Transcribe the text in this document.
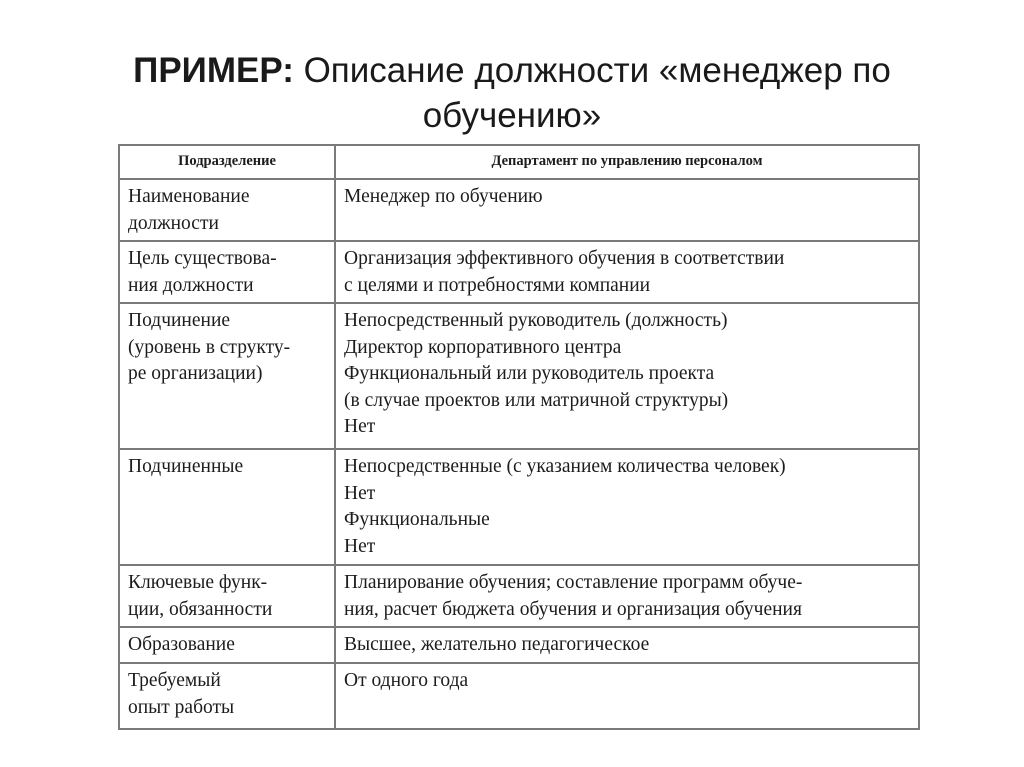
ПРИМЕР: Описание должности «менеджер по
обучению»
Подразделение	Департамент по управлению персоналом

Наименование
должности	Менеджер по обучению

Цель существова-
ния должности	Организация эффективного обучения в соответствии
с целями и потребностями компании

Подчинение
(уровень в структу-
ре организации)	Непосредственный руководитель (должность)
Директор корпоративного центра
Функциональный или руководитель проекта
(в случае проектов или матричной структуры)
Нет

Подчиненные	Непосредственные (с указанием количества человек)
Нет
Функциональные
Нет

Ключевые функ-
ции, обязанности	Планирование обучения; составление программ обуче-
ния, расчет бюджета обучения и организация обучения

Образование	Высшее, желательно педагогическое

Требуемый
опыт работы	От одного года
